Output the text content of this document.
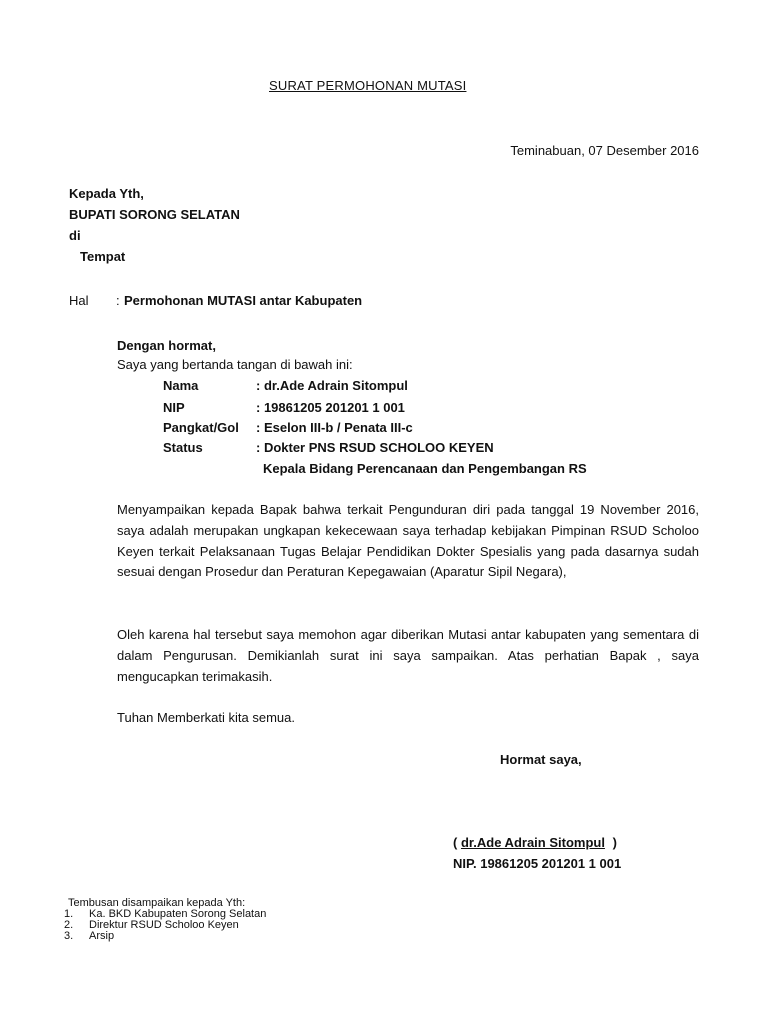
SURAT PERMOHONAN MUTASI
Teminabuan, 07 Desember 2016
Kepada Yth,
BUPATI SORONG SELATAN
di
Tempat
Hal : Permohonan MUTASI antar Kabupaten
Dengan hormat,
Saya yang bertanda tangan di bawah ini:
Nama	: dr.Ade Adrain Sitompul
NIP	: 19861205 201201 1 001
Pangkat/Gol : Eselon III-b / Penata III-c
Status	: Dokter PNS RSUD SCHOLOO KEYEN
Kepala Bidang Perencanaan dan Pengembangan RS
Menyampaikan kepada Bapak bahwa terkait Pengunduran diri pada tanggal 19 November 2016, saya adalah merupakan ungkapan kekecewaan saya terhadap kebijakan Pimpinan RSUD Scholoo Keyen terkait Pelaksanaan Tugas Belajar Pendidikan Dokter Spesialis yang pada dasarnya sudah sesuai dengan Prosedur dan Peraturan Kepegawaian (Aparatur Sipil Negara),
Oleh karena hal tersebut saya memohon agar diberikan Mutasi antar kabupaten yang sementara di dalam Pengurusan. Demikianlah surat ini saya sampaikan. Atas perhatian Bapak , saya mengucapkan terimakasih.
Tuhan Memberkati kita semua.
Hormat saya,
( dr.Ade Adrain Sitompul )
NIP. 19861205 201201 1 001
Tembusan disampaikan kepada Yth:
1. Ka. BKD Kabupaten Sorong Selatan
2. Direktur RSUD Scholoo Keyen
3. Arsip
